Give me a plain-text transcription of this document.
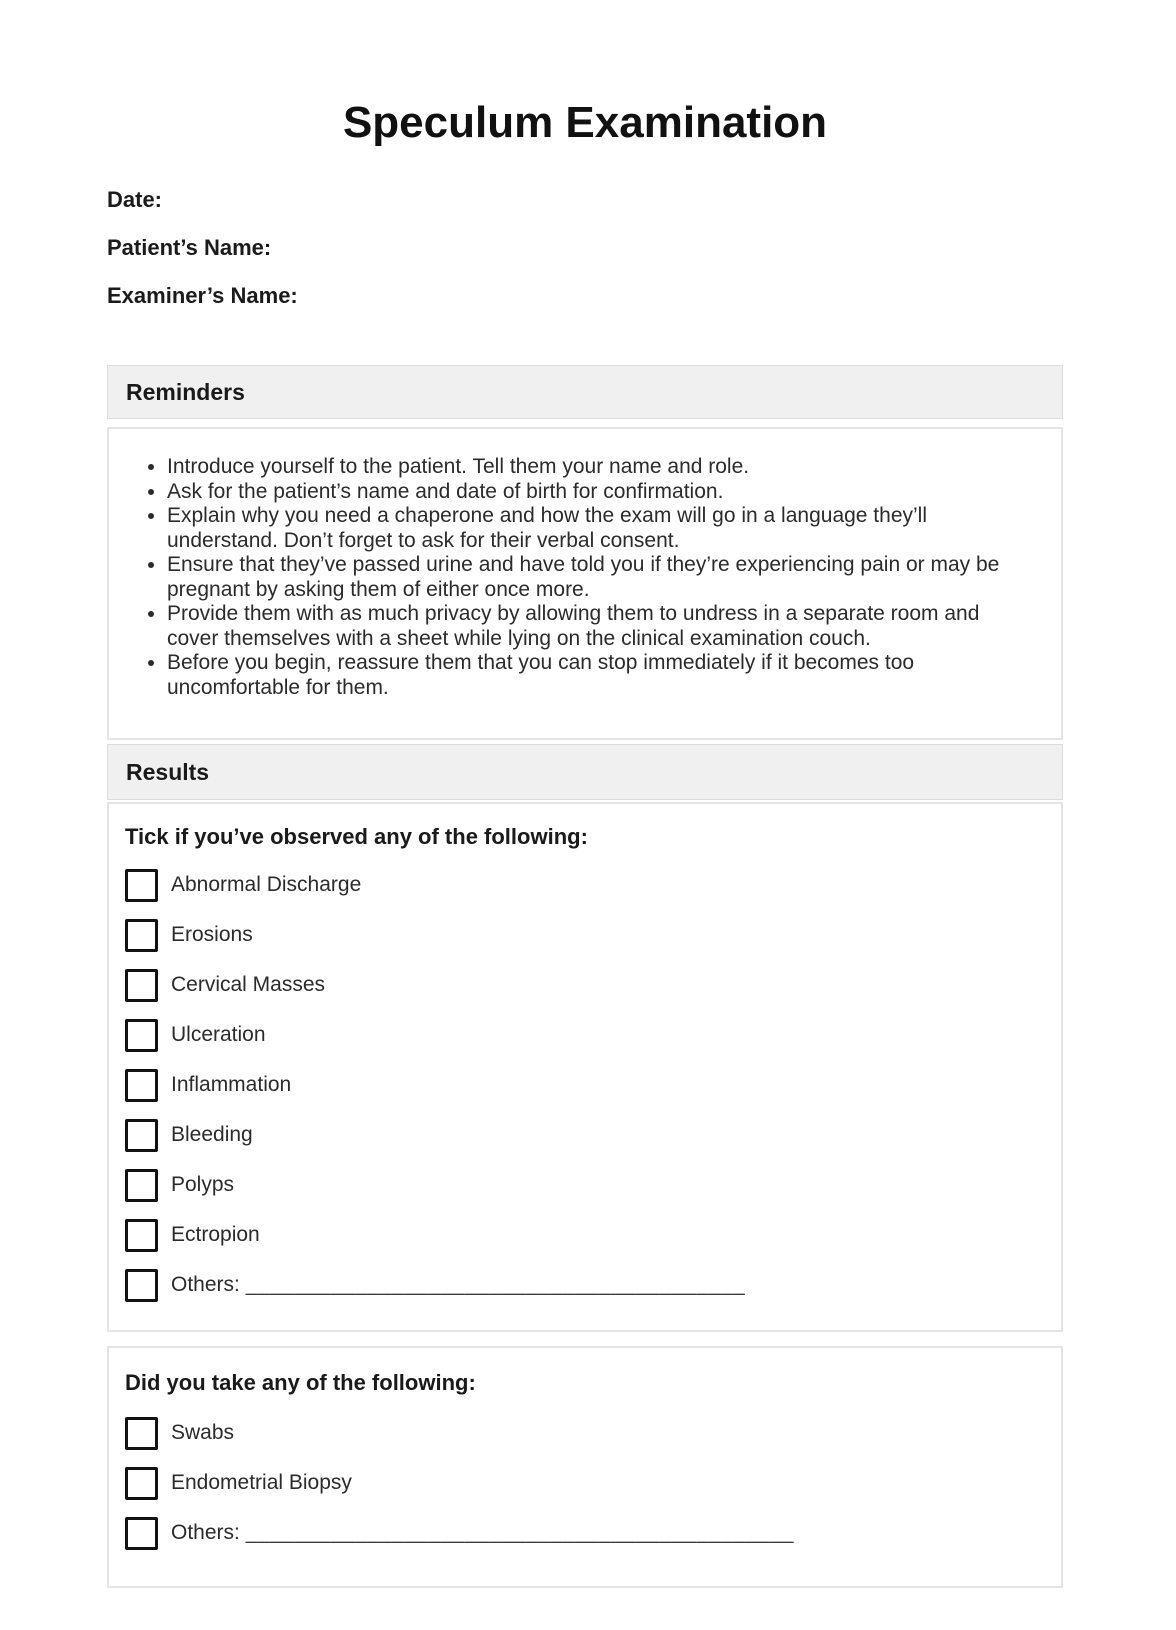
Speculum Examination
Date:
Patient’s Name:
Examiner’s Name:
Reminders
• Introduce yourself to the patient. Tell them your name and role.
• Ask for the patient’s name and date of birth for confirmation.
• Explain why you need a chaperone and how the exam will go in a language they’ll understand. Don’t forget to ask for their verbal consent.
• Ensure that they’ve passed urine and have told you if they’re experiencing pain or may be pregnant by asking them of either once more.
• Provide them with as much privacy by allowing them to undress in a separate room and cover themselves with a sheet while lying on the clinical examination couch.
• Before you begin, reassure them that you can stop immediately if it becomes too uncomfortable for them.
Results
Tick if you’ve observed any of the following:
Abnormal Discharge
Erosions
Cervical Masses
Ulceration
Inflammation
Bleeding
Polyps
Ectropion
Others: _________________________________________
Did you take any of the following:
Swabs
Endometrial Biopsy
Others: _____________________________________________
